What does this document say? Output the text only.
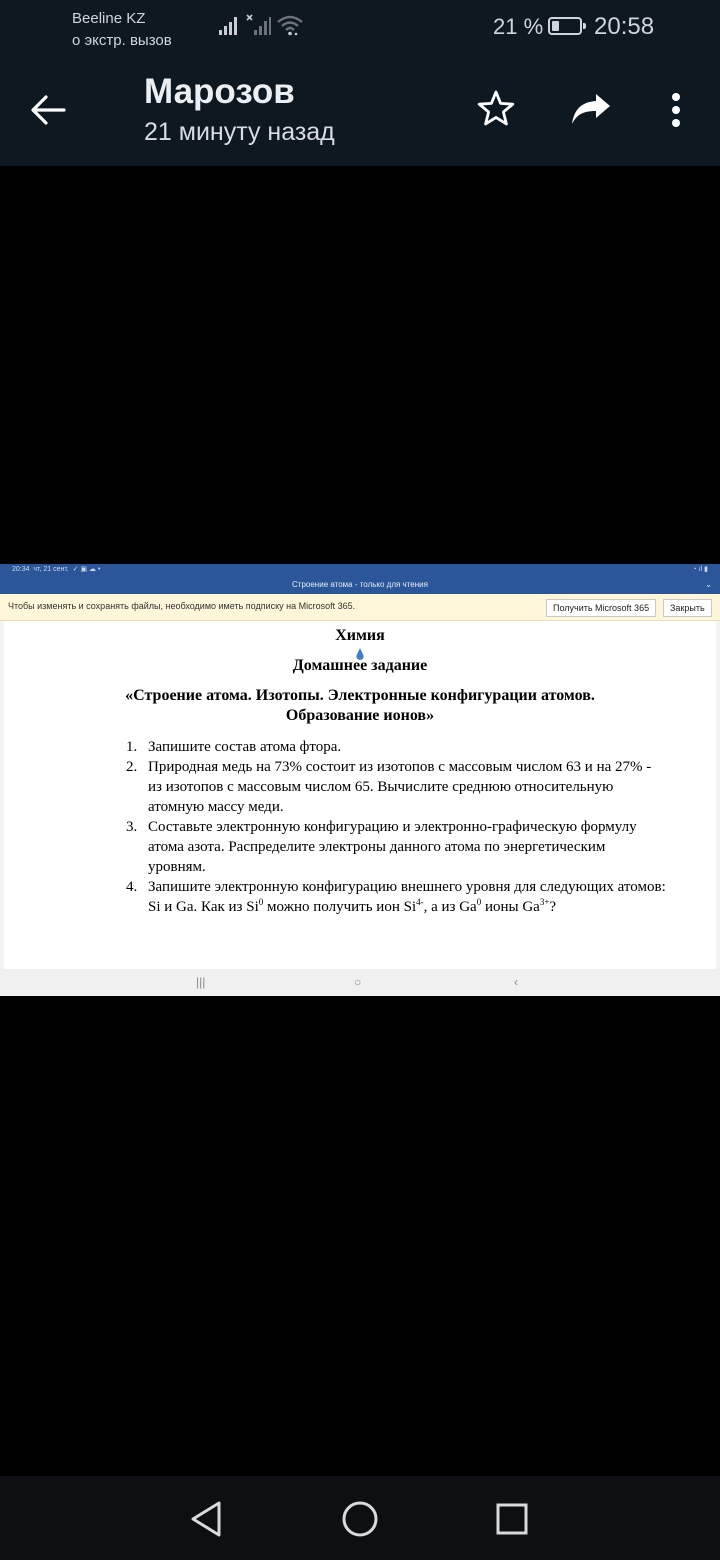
Beeline KZ
о экстр. вызов
21 % 20:58
Марозов
21 минуту назад
20:34 чт, 21 сент. ✓ ▣ ☁ •	◔ ıl ▮
Строение атома - только для чтения	⌄
Чтобы изменять и сохранять файлы, необходимо иметь подписку на Microsoft 365.	Получить Microsoft 365	Закрыть
Химия
Домашнее задание
«Строение атома. Изотопы. Электронные конфигурации атомов.
Образование ионов»
1. Запишите состав атома фтора.
2. Природная медь на 73% состоит из изотопов с массовым числом 63 и на 27% - из изотопов с массовым числом 65. Вычислите среднюю относительную атомную массу меди.
3. Составьте электронную конфигурацию и электронно-графическую формулу атома азота. Распределите электроны данного атома по энергетическим уровням.
4. Запишите электронную конфигурацию внешнего уровня для следующих атомов: Si и Ga. Как из Si$^0$ можно получить ион $Si^{4-}$, а из Ga$^0$ ионы $Ga^{3+}$?
|||	○	‹
